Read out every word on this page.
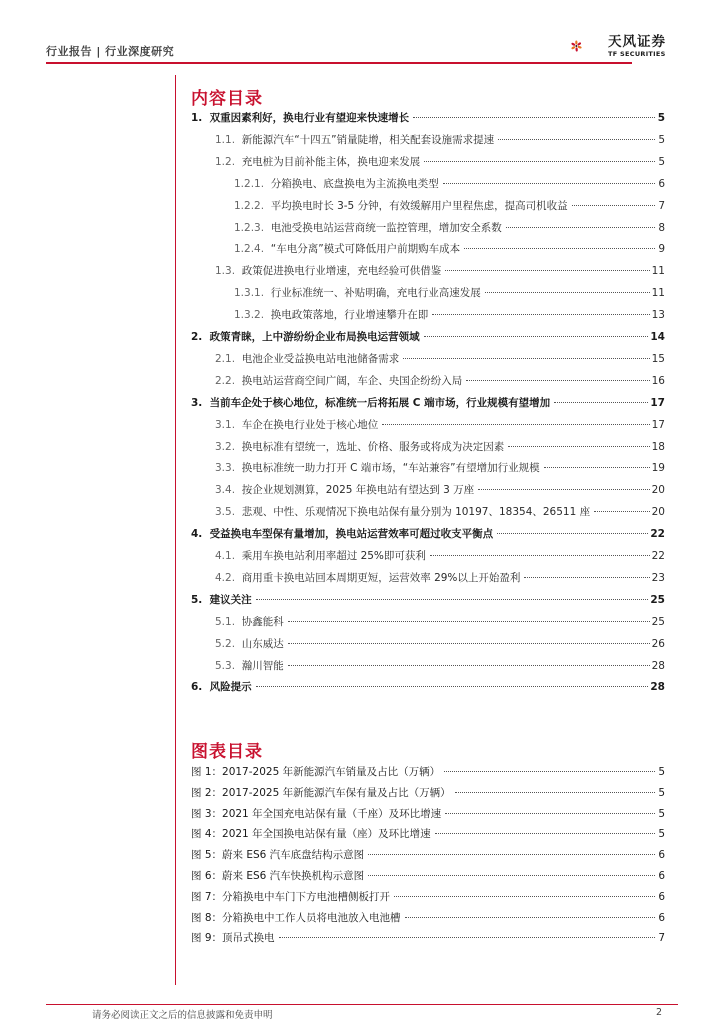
行业报告 | 行业深度研究
天风证券
TF SECURITIES
内容目录
1. 双重因素利好，换电行业有望迎来快速增长	5
1.1. 新能源汽车“十四五”销量陡增，相关配套设施需求提速	5
1.2. 充电桩为目前补能主体，换电迎来发展	5
1.2.1. 分箱换电、底盘换电为主流换电类型	6
1.2.2. 平均换电时长 3-5 分钟，有效缓解用户里程焦虑，提高司机收益	7
1.2.3. 电池受换电站运营商统一监控管理，增加安全系数	8
1.2.4. “车电分离”模式可降低用户前期购车成本	9
1.3. 政策促进换电行业增速，充电经验可供借鉴	11
1.3.1. 行业标准统一、补贴明确，充电行业高速发展	11
1.3.2. 换电政策落地，行业增速攀升在即	13
2. 政策青睐，上中游纷纷企业布局换电运营领域	14
2.1. 电池企业受益换电站电池储备需求	15
2.2. 换电站运营商空间广阔，车企、央国企纷纷入局	16
3. 当前车企处于核心地位，标准统一后将拓展 C 端市场，行业规模有望增加	17
3.1. 车企在换电行业处于核心地位	17
3.2. 换电标准有望统一，选址、价格、服务或将成为决定因素	18
3.3. 换电标准统一助力打开 C 端市场，“车站兼容”有望增加行业规模	19
3.4. 按企业规划测算，2025 年换电站有望达到 3 万座	20
3.5. 悲观、中性、乐观情况下换电站保有量分别为 10197、18354、26511 座	20
4. 受益换电车型保有量增加，换电站运营效率可超过收支平衡点	22
4.1. 乘用车换电站利用率超过 25%即可获利	22
4.2. 商用重卡换电站回本周期更短，运营效率 29%以上开始盈利	23
5. 建议关注	25
5.1. 协鑫能科	25
5.2. 山东威达	26
5.3. 瀚川智能	28
6. 风险提示	28
图表目录
图 1：2017-2025 年新能源汽车销量及占比（万辆）	5
图 2：2017-2025 年新能源汽车保有量及占比（万辆）	5
图 3：2021 年全国充电站保有量（千座）及环比增速	5
图 4：2021 年全国换电站保有量（座）及环比增速	5
图 5：蔚来 ES6 汽车底盘结构示意图	6
图 6：蔚来 ES6 汽车快换机构示意图	6
图 7：分箱换电中车门下方电池槽侧板打开	6
图 8：分箱换电中工作人员将电池放入电池槽	6
图 9：顶吊式换电	7
请务必阅读正文之后的信息披露和免责申明	2
